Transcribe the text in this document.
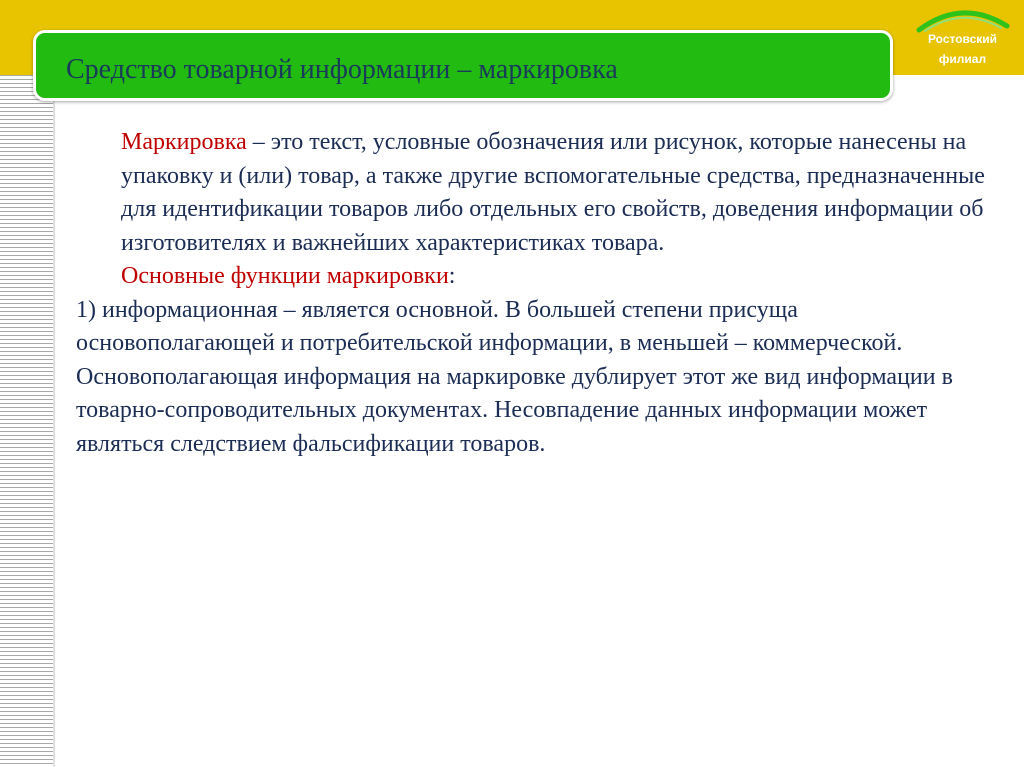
Ростовский
филиал
Средство товарной информации – маркировка

Маркировка – это текст, условные обозначения или рисунок, которые нанесены на упаковку и (или) товар, а также другие вспомогательные средства, предназначенные для идентификации товаров либо отдельных его свойств, доведения информации об изготовителях и важнейших характеристиках товара.

Основные функции маркировки:

1) информационная – является основной. В большей степени присуща основополагающей и потребительской информации, в меньшей – коммерческой. Основополагающая информация на маркировке дублирует этот же вид информации в товарно-сопроводительных документах. Несовпадение данных информации может являться следствием фальсификации товаров.
